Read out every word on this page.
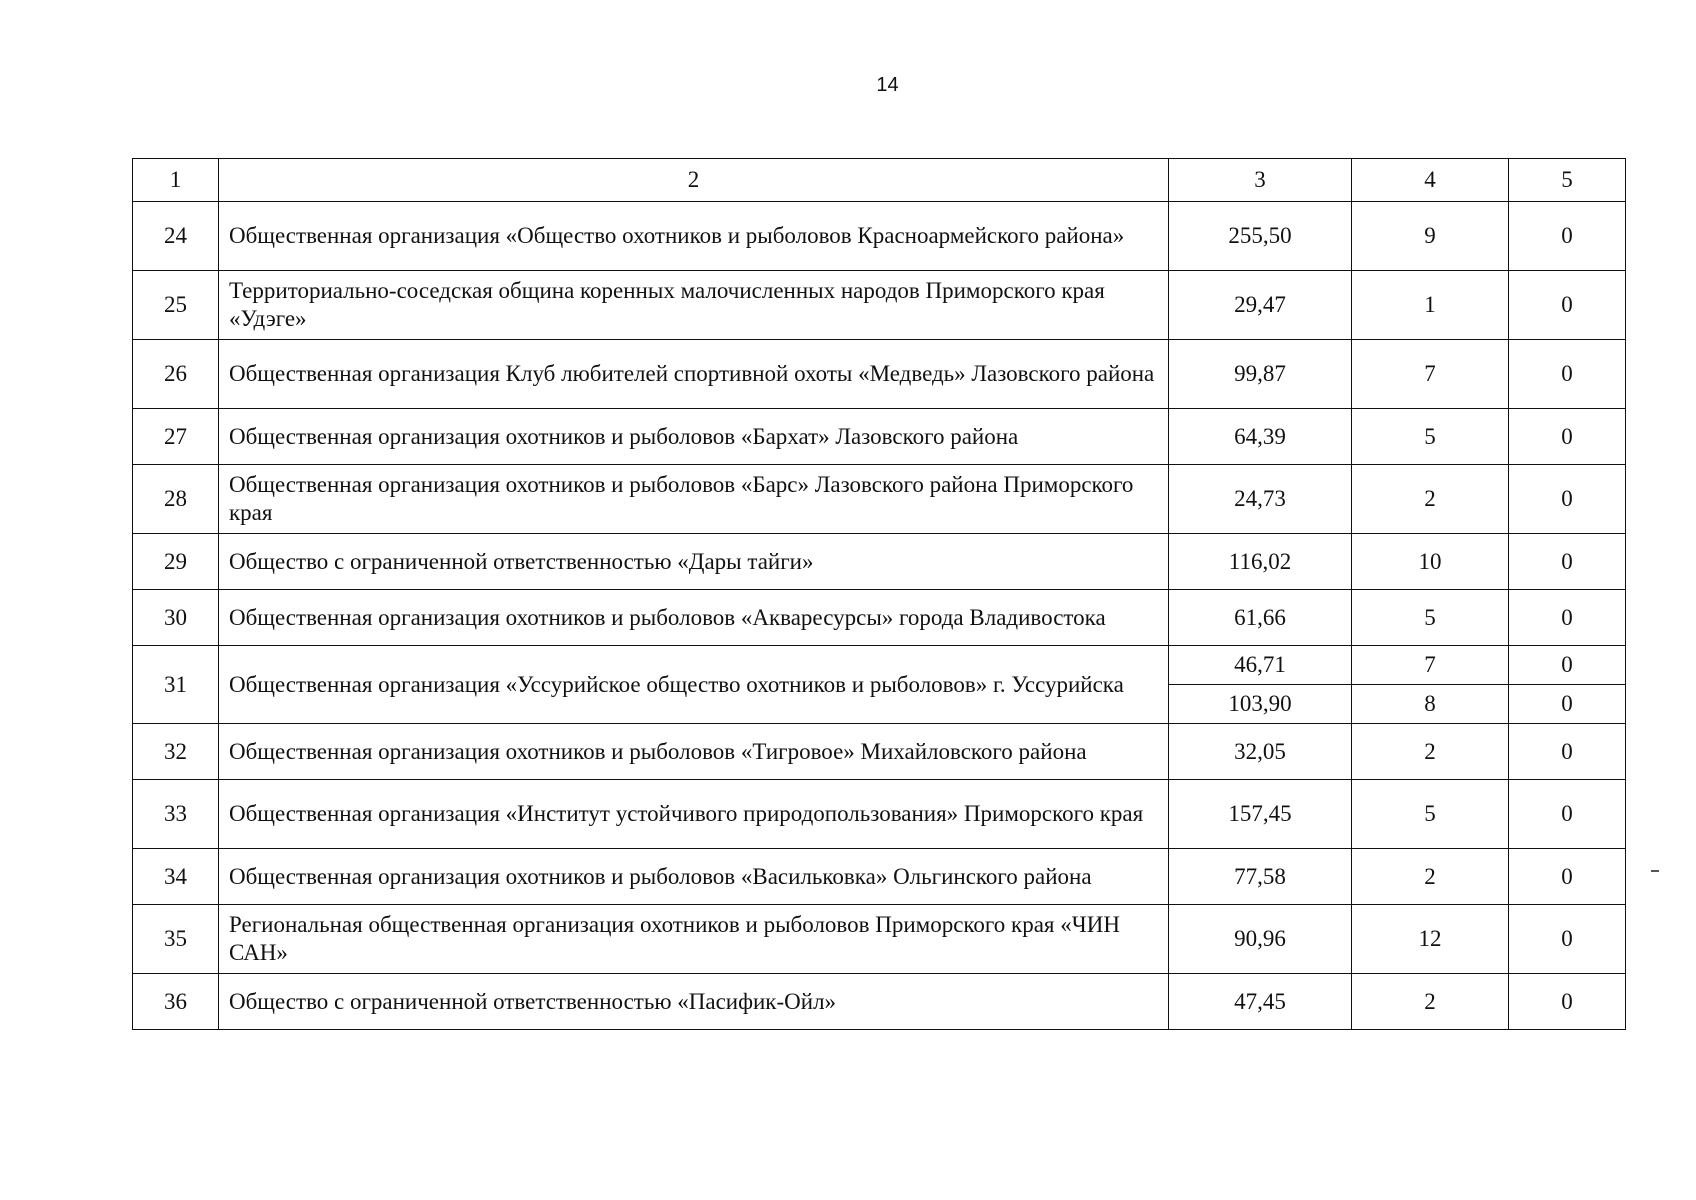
14
1	2	3	4	5
24	Общественная организация «Общество охотников и рыболовов Красноармейского района»	255,50	9	0
25	Территориально-соседская община коренных малочисленных народов Приморского края «Удэге»	29,47	1	0
26	Общественная организация Клуб любителей спортивной охоты «Медведь» Лазовского района	99,87	7	0
27	Общественная организация охотников и рыболовов «Бархат» Лазовского района	64,39	5	0
28	Общественная организация охотников и рыболовов «Барс» Лазовского района Приморского края	24,73	2	0
29	Общество с ограниченной ответственностью «Дары тайги»	116,02	10	0
30	Общественная организация охотников и рыболовов «Акваресурсы» города Владивостока	61,66	5	0
31	Общественная организация «Уссурийское общество охотников и рыболовов» г. Уссурийска	46,71	7	0
		103,90	8	0
32	Общественная организация охотников и рыболовов «Тигровое» Михайловского района	32,05	2	0
33	Общественная организация «Институт устойчивого природопользования» Приморского края	157,45	5	0
34	Общественная организация охотников и рыболовов «Васильковка» Ольгинского района	77,58	2	0
35	Региональная общественная организация охотников и рыболовов Приморского края «ЧИН САН»	90,96	12	0
36	Общество с ограниченной ответственностью «Пасифик-Ойл»	47,45	2	0
